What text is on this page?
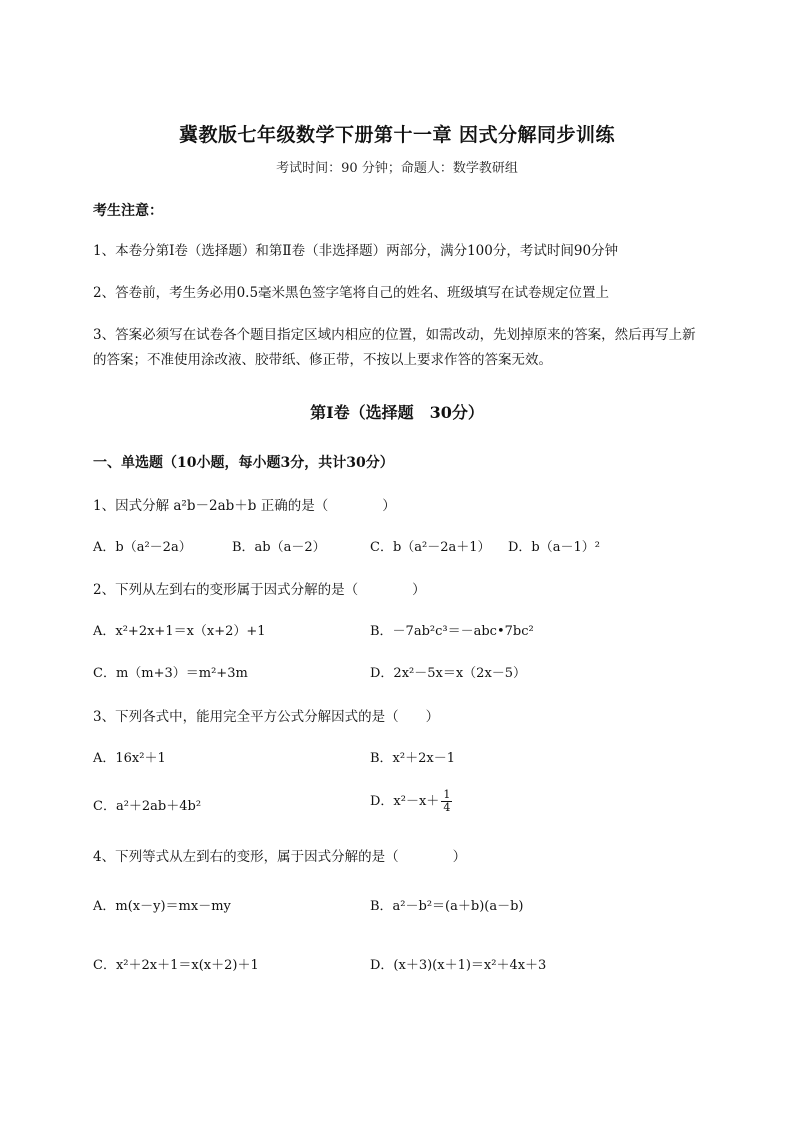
冀教版七年级数学下册第十一章 因式分解同步训练
考试时间：90 分钟；命题人：数学教研组
考生注意：
1、本卷分第Ⅰ卷（选择题）和第Ⅱ卷（非选择题）两部分，满分100分，考试时间90分钟
2、答卷前，考生务必用0.5毫米黑色签字笔将自己的姓名、班级填写在试卷规定位置上
3、答案必须写在试卷各个题目指定区域内相应的位置，如需改动，先划掉原来的答案，然后再写上新
的答案；不准使用涂改液、胶带纸、修正带，不按以上要求作答的答案无效。
第Ⅰ卷（选择题　30分）
一、单选题（10小题，每小题3分，共计30分）
1、因式分解 a²b－2ab＋b 正确的是（　　　　）
A．b（a²－2a）	B．ab（a－2）	C．b（a²－2a＋1） D．b（a－1）²
2、下列从左到右的变形属于因式分解的是（　　　　）
A．x²+2x+1＝x（x+2）+1	B．－7ab²c³＝－abc•7bc²
C．m（m+3）＝m²+3m	D．2x²－5x＝x（2x－5）
3、下列各式中，能用完全平方公式分解因式的是（　　）
A．16x²＋1	B．x²＋2x－1
C．a²＋2ab＋4b²	D．$x^2-x+ \frac{1}{4}$
4、下列等式从左到右的变形，属于因式分解的是（　　　　）
A．m(x－y)＝mx－my	B．a²－b²＝(a＋b)(a－b)
C．x²＋2x＋1＝x(x＋2)＋1	D．(x＋3)(x＋1)＝x²＋4x＋3
